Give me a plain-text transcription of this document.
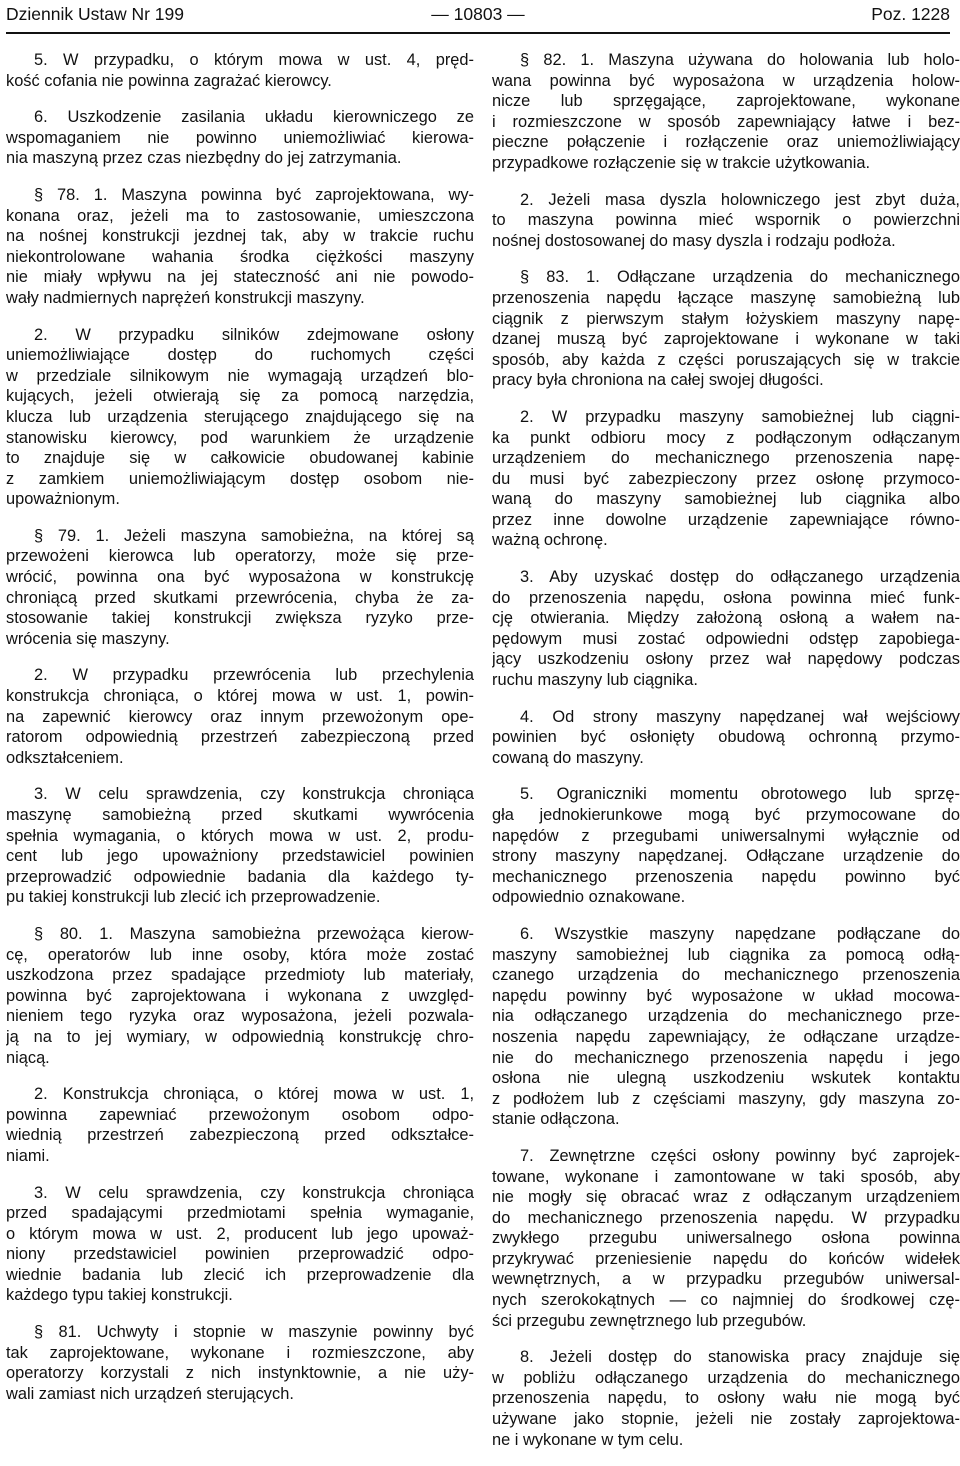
Dziennik Ustaw Nr 199	— 10803 —	Poz. 1228
5. W przypadku, o którym mowa w ust. 4, pręd-
kość cofania nie powinna zagrażać kierowcy.
6. Uszkodzenie zasilania układu kierowniczego ze
wspomaganiem nie powinno uniemożliwiać kierowa-
nia maszyną przez czas niezbędny do jej zatrzymania.
§ 78. 1. Maszyna powinna być zaprojektowana, wy-
konana oraz, jeżeli ma to zastosowanie, umieszczona
na nośnej konstrukcji jezdnej tak, aby w trakcie ruchu
niekontrolowane wahania środka ciężkości maszyny
nie miały wpływu na jej stateczność ani nie powodo-
wały nadmiernych naprężeń konstrukcji maszyny.
2. W przypadku silników zdejmowane osłony
uniemożliwiające dostęp do ruchomych części
w przedziale silnikowym nie wymagają urządzeń blo-
kujących, jeżeli otwierają się za pomocą narzędzia,
klucza lub urządzenia sterującego znajdującego się na
stanowisku kierowcy, pod warunkiem że urządzenie
to znajduje się w całkowicie obudowanej kabinie
z zamkiem uniemożliwiającym dostęp osobom nie-
upoważnionym.
§ 79. 1. Jeżeli maszyna samobieżna, na której są
przewożeni kierowca lub operatorzy, może się prze-
wrócić, powinna ona być wyposażona w konstrukcję
chroniącą przed skutkami przewrócenia, chyba że za-
stosowanie takiej konstrukcji zwiększa ryzyko prze-
wrócenia się maszyny.
2. W przypadku przewrócenia lub przechylenia
konstrukcja chroniąca, o której mowa w ust. 1, powin-
na zapewnić kierowcy oraz innym przewożonym ope-
ratorom odpowiednią przestrzeń zabezpieczoną przed
odkształceniem.
3. W celu sprawdzenia, czy konstrukcja chroniąca
maszynę samobieżną przed skutkami wywrócenia
spełnia wymagania, o których mowa w ust. 2, produ-
cent lub jego upoważniony przedstawiciel powinien
przeprowadzić odpowiednie badania dla każdego ty-
pu takiej konstrukcji lub zlecić ich przeprowadzenie.
§ 80. 1. Maszyna samobieżna przewożąca kierow-
cę, operatorów lub inne osoby, która może zostać
uszkodzona przez spadające przedmioty lub materiały,
powinna być zaprojektowana i wykonana z uwzględ-
nieniem tego ryzyka oraz wyposażona, jeżeli pozwala-
ją na to jej wymiary, w odpowiednią konstrukcję chro-
niącą.
2. Konstrukcja chroniąca, o której mowa w ust. 1,
powinna zapewniać przewożonym osobom odpo-
wiednią przestrzeń zabezpieczoną przed odkształce-
niami.
3. W celu sprawdzenia, czy konstrukcja chroniąca
przed spadającymi przedmiotami spełnia wymaganie,
o którym mowa w ust. 2, producent lub jego upoważ-
niony przedstawiciel powinien przeprowadzić odpo-
wiednie badania lub zlecić ich przeprowadzenie dla
każdego typu takiej konstrukcji.
§ 81. Uchwyty i stopnie w maszynie powinny być
tak zaprojektowane, wykonane i rozmieszczone, aby
operatorzy korzystali z nich instynktownie, a nie uży-
wali zamiast nich urządzeń sterujących.
§ 82. 1. Maszyna używana do holowania lub holo-
wana powinna być wyposażona w urządzenia holow-
nicze lub sprzęgające, zaprojektowane, wykonane
i rozmieszczone w sposób zapewniający łatwe i bez-
pieczne połączenie i rozłączenie oraz uniemożliwiający
przypadkowe rozłączenie się w trakcie użytkowania.
2. Jeżeli masa dyszla holowniczego jest zbyt duża,
to maszyna powinna mieć wspornik o powierzchni
nośnej dostosowanej do masy dyszla i rodzaju podłoża.
§ 83. 1. Odłączane urządzenia do mechanicznego
przenoszenia napędu łączące maszynę samobieżną lub
ciągnik z pierwszym stałym łożyskiem maszyny napę-
dzanej muszą być zaprojektowane i wykonane w taki
sposób, aby każda z części poruszających się w trakcie
pracy była chroniona na całej swojej długości.
2. W przypadku maszyny samobieżnej lub ciągni-
ka punkt odbioru mocy z podłączonym odłączanym
urządzeniem do mechanicznego przenoszenia napę-
du musi być zabezpieczony przez osłonę przymoco-
waną do maszyny samobieżnej lub ciągnika albo
przez inne dowolne urządzenie zapewniające równo-
ważną ochronę.
3. Aby uzyskać dostęp do odłączanego urządzenia
do przenoszenia napędu, osłona powinna mieć funk-
cję otwierania. Między założoną osłoną a wałem na-
pędowym musi zostać odpowiedni odstęp zapobiega-
jący uszkodzeniu osłony przez wał napędowy podczas
ruchu maszyny lub ciągnika.
4. Od strony maszyny napędzanej wał wejściowy
powinien być osłonięty obudową ochronną przymo-
cowaną do maszyny.
5. Ograniczniki momentu obrotowego lub sprzę-
gła jednokierunkowe mogą być przymocowane do
napędów z przegubami uniwersalnymi wyłącznie od
strony maszyny napędzanej. Odłączane urządzenie do
mechanicznego przenoszenia napędu powinno być
odpowiednio oznakowane.
6. Wszystkie maszyny napędzane podłączane do
maszyny samobieżnej lub ciągnika za pomocą odłą-
czanego urządzenia do mechanicznego przenoszenia
napędu powinny być wyposażone w układ mocowa-
nia odłączanego urządzenia do mechanicznego prze-
noszenia napędu zapewniający, że odłączane urządze-
nie do mechanicznego przenoszenia napędu i jego
osłona nie ulegną uszkodzeniu wskutek kontaktu
z podłożem lub z częściami maszyny, gdy maszyna zo-
stanie odłączona.
7. Zewnętrzne części osłony powinny być zaprojek-
towane, wykonane i zamontowane w taki sposób, aby
nie mogły się obracać wraz z odłączanym urządzeniem
do mechanicznego przenoszenia napędu. W przypadku
zwykłego przegubu uniwersalnego osłona powinna
przykrywać przeniesienie napędu do końców widełek
wewnętrznych, a w przypadku przegubów uniwersal-
nych szerokokątnych — co najmniej do środkowej czę-
ści przegubu zewnętrznego lub przegubów.
8. Jeżeli dostęp do stanowiska pracy znajduje się
w pobliżu odłączanego urządzenia do mechanicznego
przenoszenia napędu, to osłony wału nie mogą być
używane jako stopnie, jeżeli nie zostały zaprojektowa-
ne i wykonane w tym celu.
